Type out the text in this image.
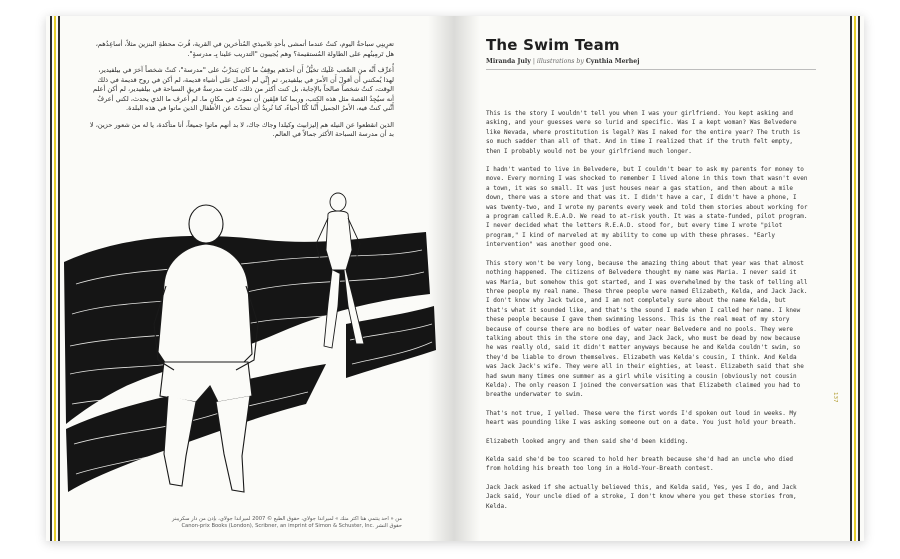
تعرِينِي سباحةُ اليوم، كنتُ عندما أتمشى بأحدِ تلاميذي المُتأخرين في القرية، قُربَ محطةِ البنزين مثلاً، أساعِدُهم، هل تَرمِينُهم على الطاولة المُستقيمة؟ وهم يُجيبون "التدريب علينا بِـ مدرسةٍ".

أُعرِّف أَنَّه من الصَّعب عَلَيك تخيُّلُ أَن أحدَهم يوقِفُ ما كان يَتدرَّبُ على "مدرسة"، كنتُ شخصاً آخرَ في بيلفيدير، لهذا يُمكنني أَن أقولَ أَن الأمرَ في بيلفيدير، ثم إِنِّي لم أحصل على أشياء قديمة، لم أكن في روح قديمة في ذلك الوقت، كنتُ شخصاً صالحاً بالإجابة، بل كنت أكثر من ذلك، كانت مدرسةُ فريقِ السباحة في بيلفيدير، لم أكن أعلم أنه سيُجِدُ القصة مثل هذه الكتب، وربما كنا قلِقين أن نموتَ في مكانٍ ما. لم أعرف ما الذي يحدث، لكني أعرفُ أَنَّني كنتُ فيه، الأمرُ الجميل أَنَّنا كُنّا أحياءً، كنا نُريدُ أن نتحدّثَ عن الأطفال الذين ماتوا في هذه البلدة.

الذين انقطعوا عن النيله هم إليزابيث وكيلدا وجاك جاك، لا بد أنهم ماتوا جميعاً، أنا متأكدة، يا له من شعور حزين، لا بد أن مدرسة السباحة الأكثر جمالاً في العالم.

من « أحد ينتمي هنا أكثر منك » لميراندا جولاي، حقوق الطبع © 2007 لميراندا جولاي، بإذن من دار سكريبنر
Canon-prix Books (London), Scribner, an imprint of Simon & Schuster, Inc. حقوق النشر
The Swim Team
Miranda July | illustrations by Cynthia Merhej

This is the story I wouldn't tell you when I was your girlfriend. You kept asking and asking, and your guesses were so lurid and specific. Was I a kept woman? Was Belvedere like Nevada, where prostitution is legal? Was I naked for the entire year? The truth is so much sadder than all of that. And in time I realized that if the truth felt empty, then I probably would not be your girlfriend much longer.

I hadn't wanted to live in Belvedere, but I couldn't bear to ask my parents for money to move. Every morning I was shocked to remember I lived alone in this town that wasn't even a town, it was so small. It was just houses near a gas station, and then about a mile down, there was a store and that was it. I didn't have a car, I didn't have a phone, I was twenty-two, and I wrote my parents every week and told them stories about working for a program called R.E.A.D. We read to at-risk youth. It was a state-funded, pilot program. I never decided what the letters R.E.A.D. stood for, but every time I wrote "pilot program," I kind of marveled at my ability to come up with these phrases. "Early intervention" was another good one.

This story won't be very long, because the amazing thing about that year was that almost nothing happened. The citizens of Belvedere thought my name was Maria. I never said it was Maria, but somehow this got started, and I was overwhelmed by the task of telling all three people my real name. These three people were named Elizabeth, Kelda, and Jack Jack. I don't know why Jack twice, and I am not completely sure about the name Kelda, but that's what it sounded like, and that's the sound I made when I called her name. I knew these people because I gave them swimming lessons. This is the real meat of my story because of course there are no bodies of water near Belvedere and no pools. They were talking about this in the store one day, and Jack Jack, who must be dead by now because he was really old, said it didn't matter anyways because he and Kelda couldn't swim, so they'd be liable to drown themselves. Elizabeth was Kelda's cousin, I think. And Kelda was Jack Jack's wife. They were all in their eighties, at least. Elizabeth said that she had swum many times one summer as a girl while visiting a cousin (obviously not cousin Kelda). The only reason I joined the conversation was that Elizabeth claimed you had to breathe underwater to swim.

That's not true, I yelled. These were the first words I'd spoken out loud in weeks. My heart was pounding like I was asking someone out on a date. You just hold your breath.

Elizabeth looked angry and then said she'd been kidding.

Kelda said she'd be too scared to hold her breath because she'd had an uncle who died from holding his breath too long in a Hold-Your-Breath contest.

Jack Jack asked if she actually believed this, and Kelda said, Yes, yes I do, and Jack Jack said, Your uncle died of a stroke, I don't know where you get these stories from, Kelda.

137
